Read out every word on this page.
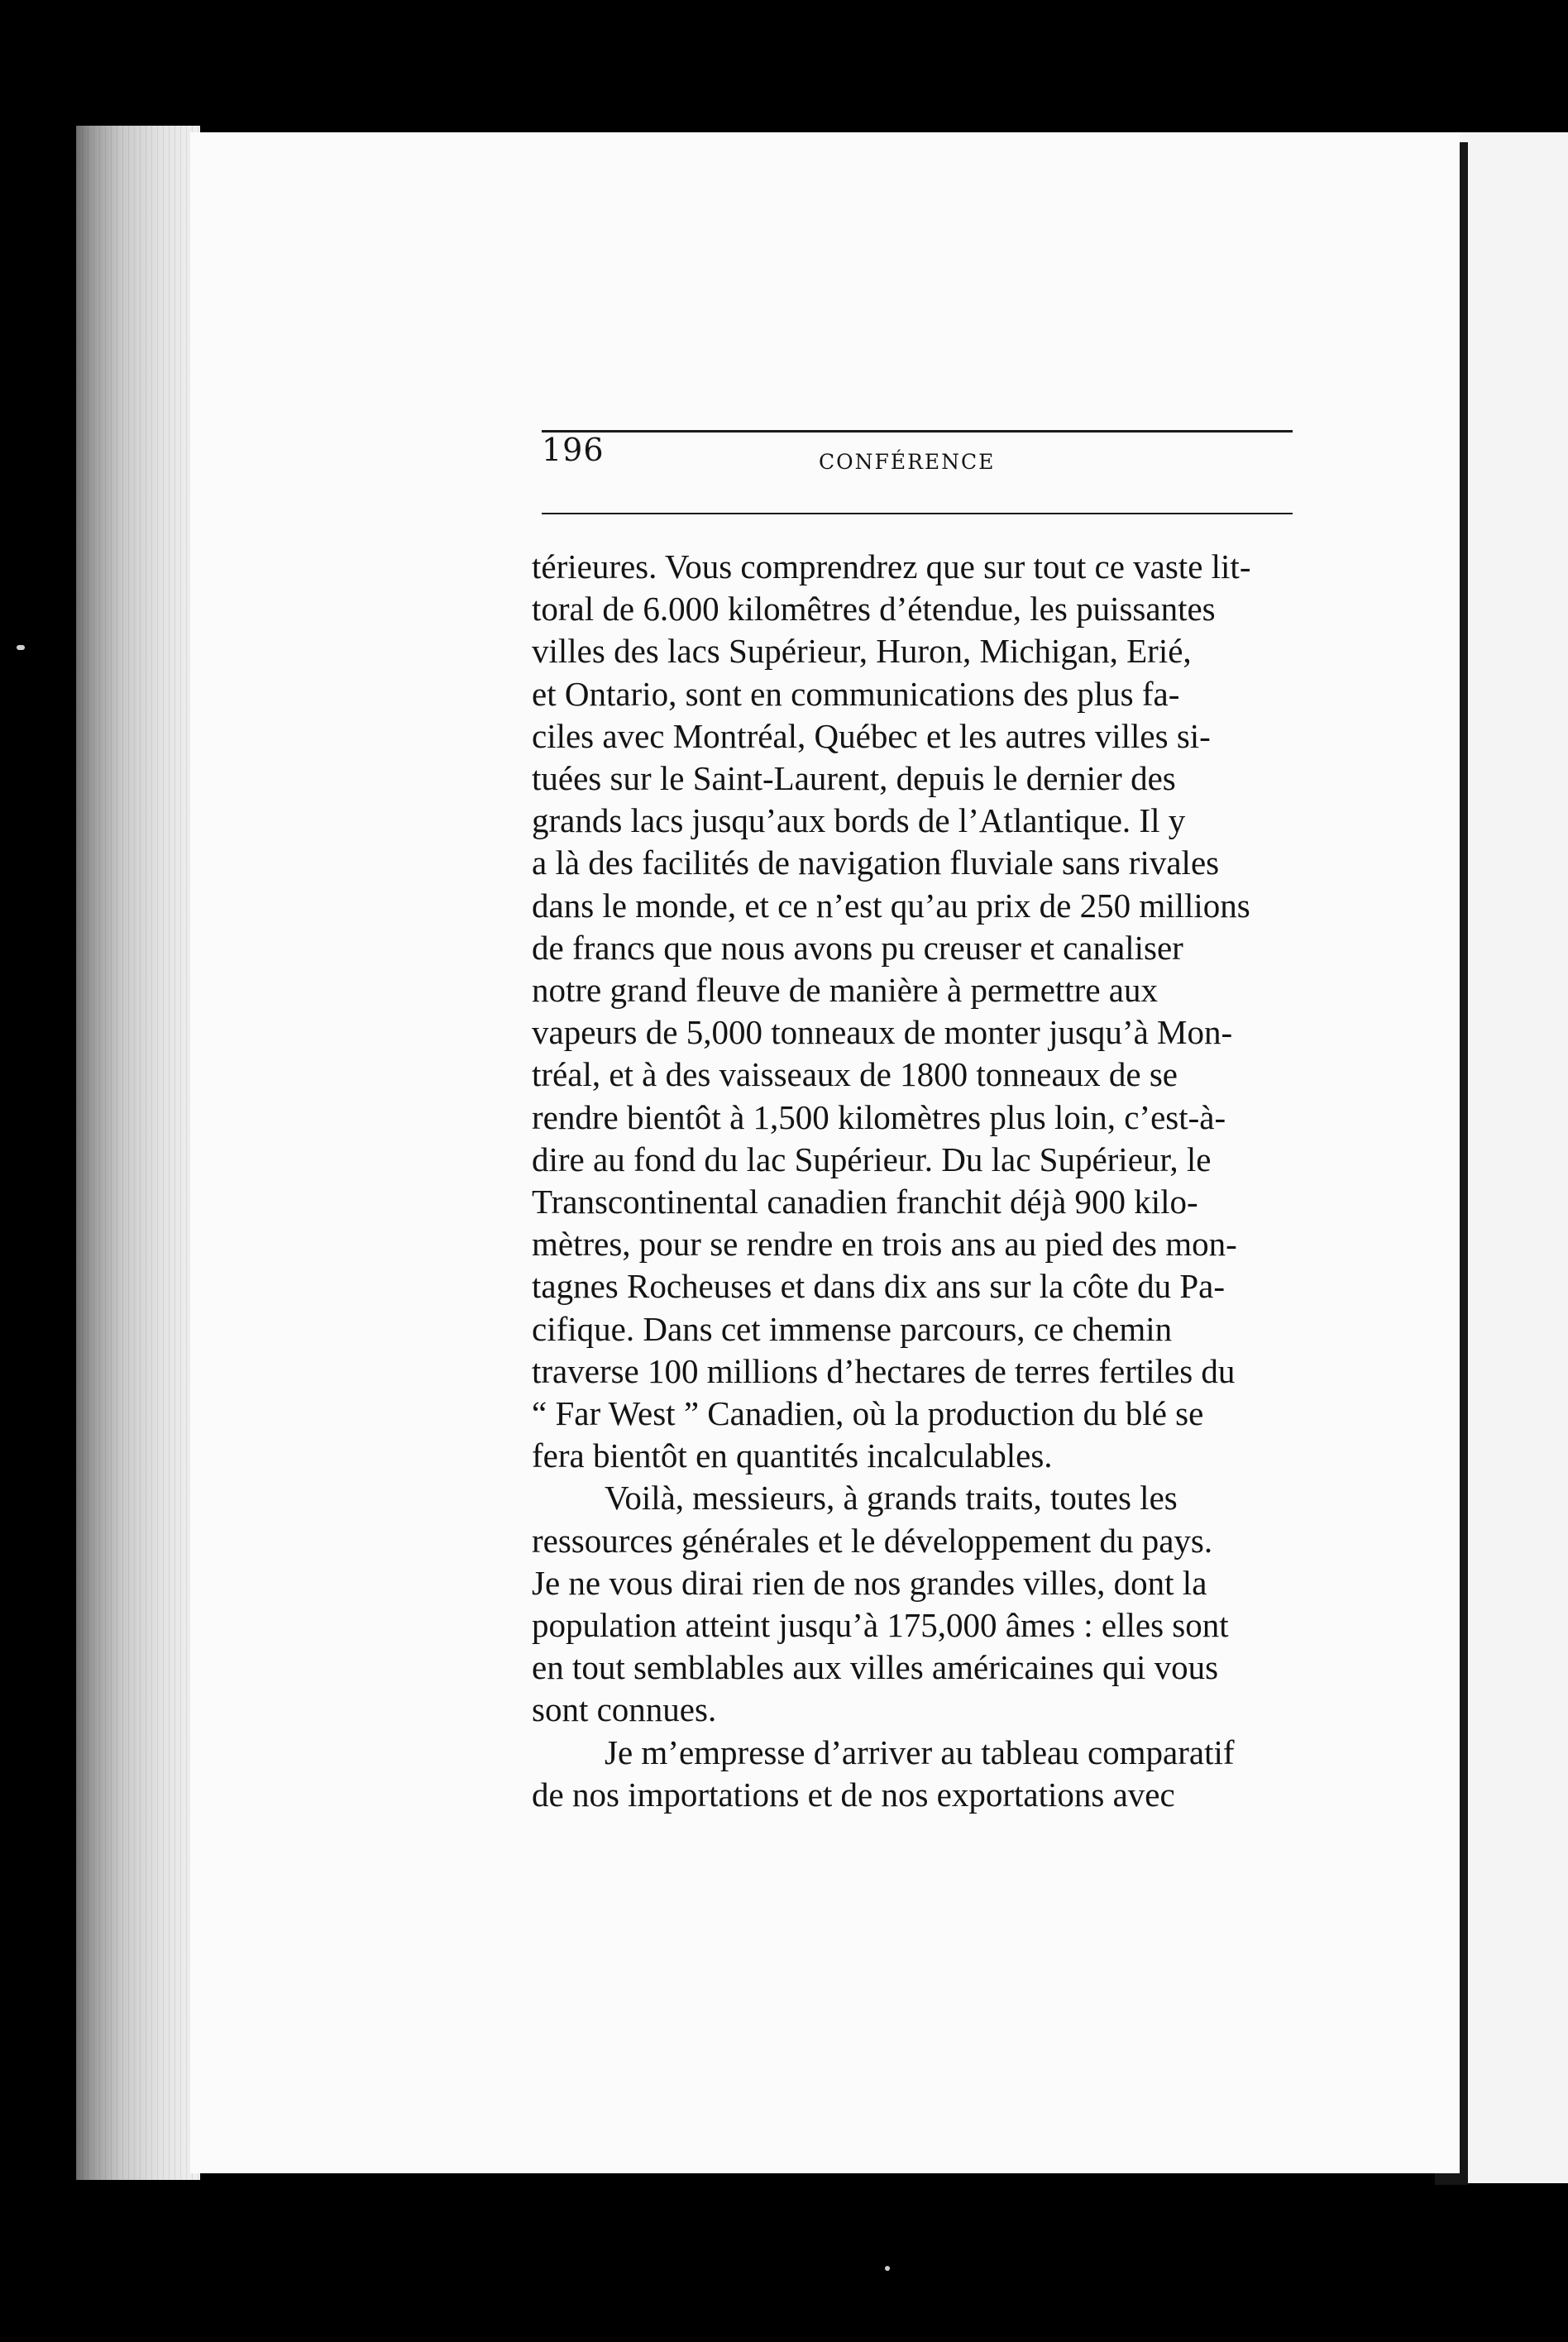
196	CONFÉRENCE

térieures. Vous comprendrez que sur tout ce vaste lit-
toral de 6.000 kilomêtres d’étendue, les puissantes
villes des lacs Supérieur, Huron, Michigan, Erié,
et Ontario, sont en communications des plus fa-
ciles avec Montréal, Québec et les autres villes si-
tuées sur le Saint-Laurent, depuis le dernier des
grands lacs jusqu’aux bords de l’Atlantique. Il y
a là des facilités de navigation fluviale sans rivales
dans le monde, et ce n’est qu’au prix de 250 millions
de francs que nous avons pu creuser et canaliser
notre grand fleuve de manière à permettre aux
vapeurs de 5,000 tonneaux de monter jusqu’à Mon-
tréal, et à des vaisseaux de 1800 tonneaux de se
rendre bientôt à 1,500 kilomètres plus loin, c’est-à-
dire au fond du lac Supérieur. Du lac Supérieur, le
Transcontinental canadien franchit déjà 900 kilo-
mètres, pour se rendre en trois ans au pied des mon-
tagnes Rocheuses et dans dix ans sur la côte du Pa-
cifique. Dans cet immense parcours, ce chemin
traverse 100 millions d’hectares de terres fertiles du
“ Far West ” Canadien, où la production du blé se
fera bientôt en quantités incalculables.

Voilà, messieurs, à grands traits, toutes les
ressources générales et le développement du pays.
Je ne vous dirai rien de nos grandes villes, dont la
population atteint jusqu’à 175,000 âmes : elles sont
en tout semblables aux villes américaines qui vous
sont connues.

Je m’empresse d’arriver au tableau comparatif
de nos importations et de nos exportations avec
